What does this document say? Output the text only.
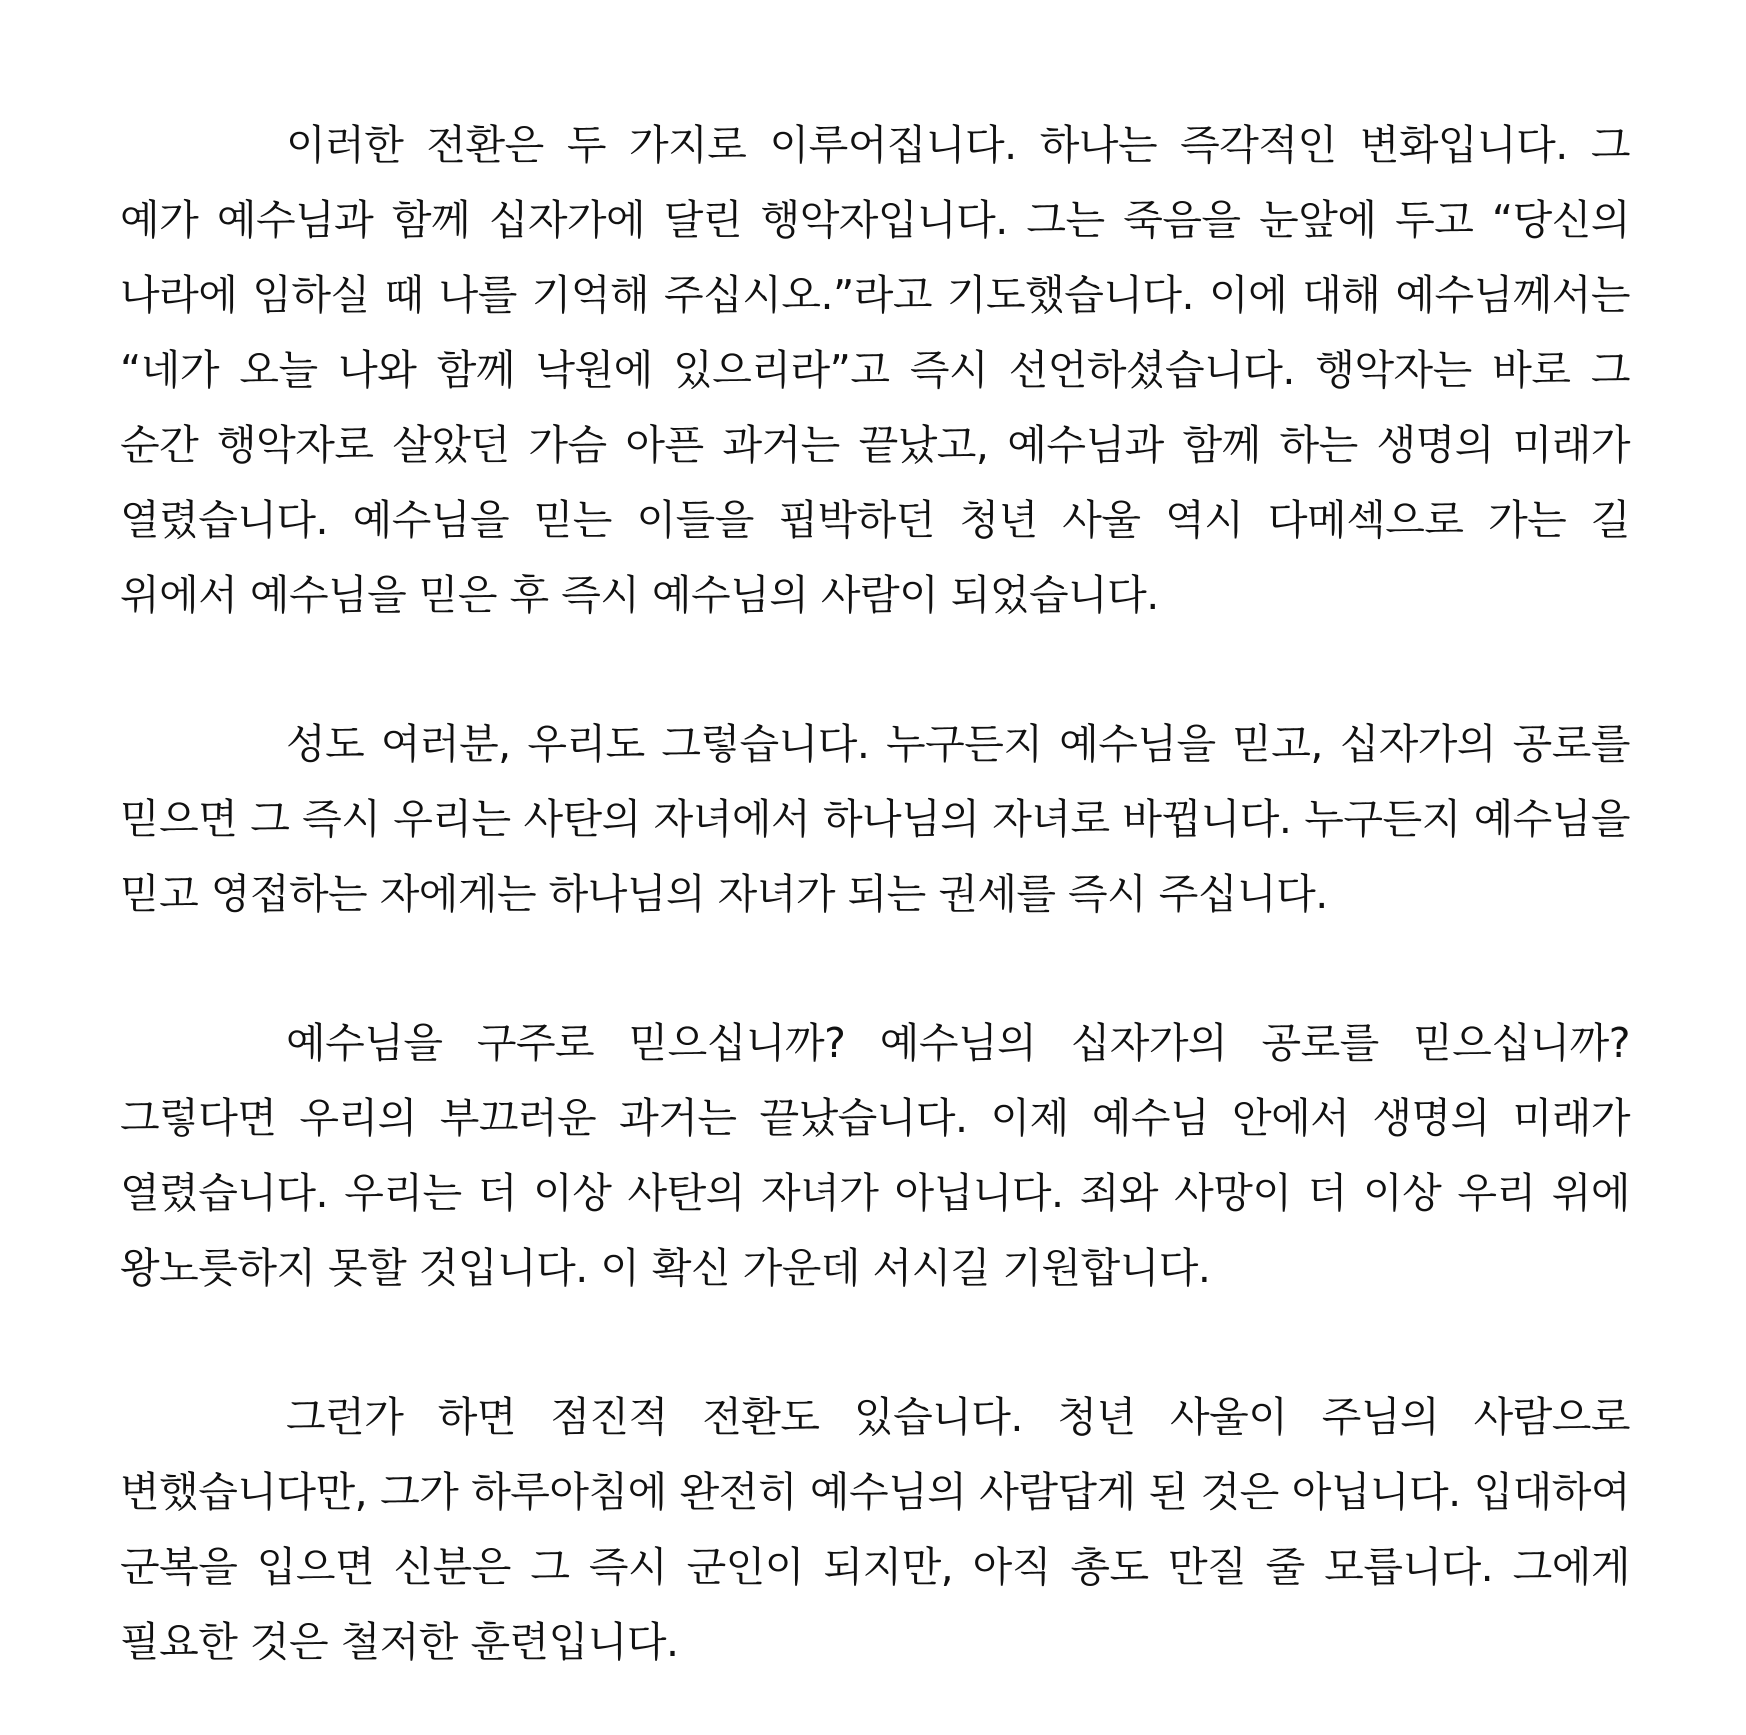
이러한 전환은 두 가지로 이루어집니다. 하나는 즉각적인 변화입니다. 그 예가 예수님과 함께 십자가에 달린 행악자입니다. 그는 죽음을 눈앞에 두고 “당신의 나라에 임하실 때 나를 기억해 주십시오.”라고 기도했습니다. 이에 대해 예수님께서는 “네가 오늘 나와 함께 낙원에 있으리라”고 즉시 선언하셨습니다. 행악자는 바로 그 순간 행악자로 살았던 가슴 아픈 과거는 끝났고, 예수님과 함께 하는 생명의 미래가 열렸습니다. 예수님을 믿는 이들을 핍박하던 청년 사울 역시 다메섹으로 가는 길 위에서 예수님을 믿은 후 즉시 예수님의 사람이 되었습니다.

성도 여러분, 우리도 그렇습니다. 누구든지 예수님을 믿고, 십자가의 공로를 믿으면 그 즉시 우리는 사탄의 자녀에서 하나님의 자녀로 바뀝니다. 누구든지 예수님을 믿고 영접하는 자에게는 하나님의 자녀가 되는 권세를 즉시 주십니다.

예수님을 구주로 믿으십니까? 예수님의 십자가의 공로를 믿으십니까? 그렇다면 우리의 부끄러운 과거는 끝났습니다. 이제 예수님 안에서 생명의 미래가 열렸습니다. 우리는 더 이상 사탄의 자녀가 아닙니다. 죄와 사망이 더 이상 우리 위에 왕노릇하지 못할 것입니다. 이 확신 가운데 서시길 기원합니다.

그런가 하면 점진적 전환도 있습니다. 청년 사울이 주님의 사람으로 변했습니다만, 그가 하루아침에 완전히 예수님의 사람답게 된 것은 아닙니다. 입대하여 군복을 입으면 신분은 그 즉시 군인이 되지만, 아직 총도 만질 줄 모릅니다. 그에게 필요한 것은 철저한 훈련입니다.
